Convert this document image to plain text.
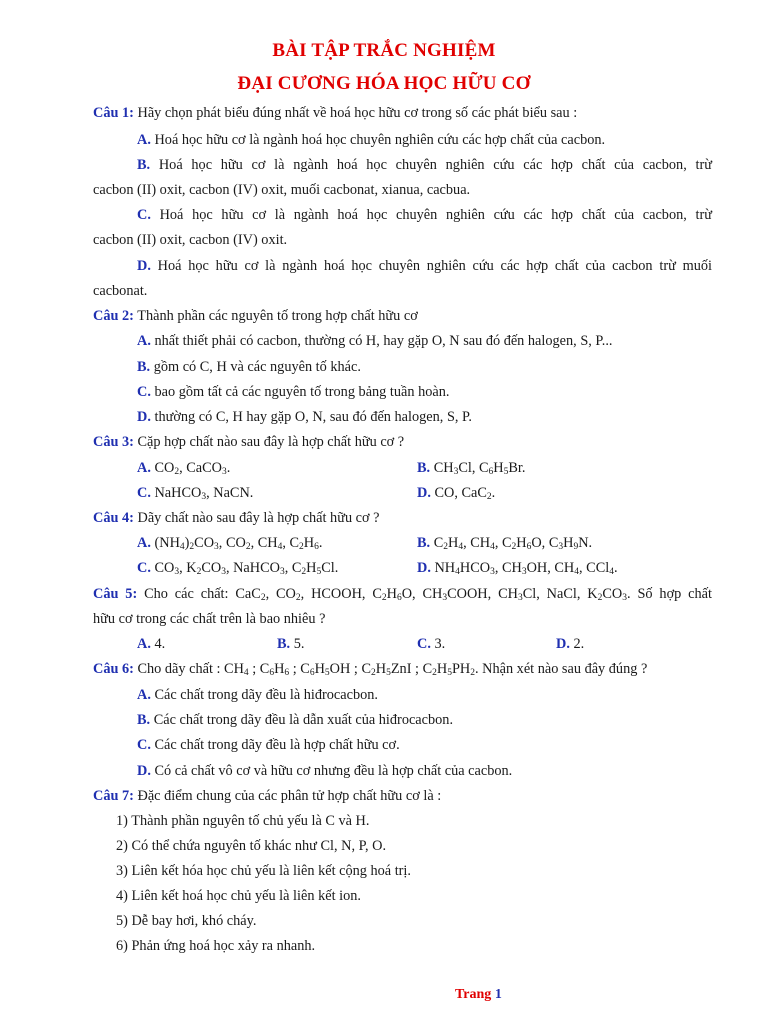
BÀI TẬP TRẮC NGHIỆM
ĐẠI CƯƠNG HÓA HỌC HỮU CƠ
Câu 1: Hãy chọn phát biểu đúng nhất về hoá học hữu cơ trong số các phát biểu sau :
A. Hoá học hữu cơ là ngành hoá học chuyên nghiên cứu các hợp chất của cacbon.
B. Hoá học hữu cơ là ngành hoá học chuyên nghiên cứu các hợp chất của cacbon, trừ
cacbon (II) oxit, cacbon (IV) oxit, muối cacbonat, xianua, cacbua.
C. Hoá học hữu cơ là ngành hoá học chuyên nghiên cứu các hợp chất của cacbon, trừ
cacbon (II) oxit, cacbon (IV) oxit.
D. Hoá học hữu cơ là ngành hoá học chuyên nghiên cứu các hợp chất của cacbon trừ muối
cacbonat.
Câu 2: Thành phần các nguyên tố trong hợp chất hữu cơ
A. nhất thiết phải có cacbon, thường có H, hay gặp O, N sau đó đến halogen, S, P...
B. gồm có C, H và các nguyên tố khác.
C. bao gồm tất cả các nguyên tố trong bảng tuần hoàn.
D. thường có C, H hay gặp O, N, sau đó đến halogen, S, P.
Câu 3: Cặp hợp chất nào sau đây là hợp chất hữu cơ ?
A. $CO_2$, CaCO$_3$.	B. $CH_3Cl$, $C_6H_5Br$.
C. NaHCO$_3$, NaCN.	D. CO, CaC$_2$.
Câu 4: Dãy chất nào sau đây là hợp chất hữu cơ ?
A. $(NH_4)_2CO_3$, $CO_2$, $CH_4$, $C_2H_6$.	B. $C_2H_4$, $CH_4$, $C_2H_6O$, $C_3H_9N$.
C. $CO_3$, $K_2CO_3$, NaHCO$_3$, $C_2H_5Cl$.	D. $NH_4HCO_3$, $CH_3OH$, $CH_4$, CCl$_4$.
Câu 5: Cho các chất: CaC$_2$, $CO_2$, HCOOH, $C_2H_6O$, $CH_3COOH$, $CH_3Cl$, NaCl, $K_2CO_3$. Số hợp chất
hữu cơ trong các chất trên là bao nhiêu ?
A. 4.	B. 5.	C. 3.	D. 2.
Câu 6: Cho dãy chất : $CH_4$ ; $C_6H_6$ ; $C_6H_5OH$ ; $C_2H_5ZnI$ ; $C_2H_5PH_2$. Nhận xét nào sau đây đúng ?
A. Các chất trong dãy đều là hiđrocacbon.
B. Các chất trong dãy đều là dẫn xuất của hiđrocacbon.
C. Các chất trong dãy đều là hợp chất hữu cơ.
D. Có cả chất vô cơ và hữu cơ nhưng đều là hợp chất của cacbon.
Câu 7: Đặc điểm chung của các phân tử hợp chất hữu cơ là :
1) Thành phần nguyên tố chủ yếu là C và H.
2) Có thể chứa nguyên tố khác như Cl, N, P, O.
3) Liên kết hóa học chủ yếu là liên kết cộng hoá trị.
4) Liên kết hoá học chủ yếu là liên kết ion.
5) Dễ bay hơi, khó cháy.
6) Phản ứng hoá học xảy ra nhanh.
Trang 1
